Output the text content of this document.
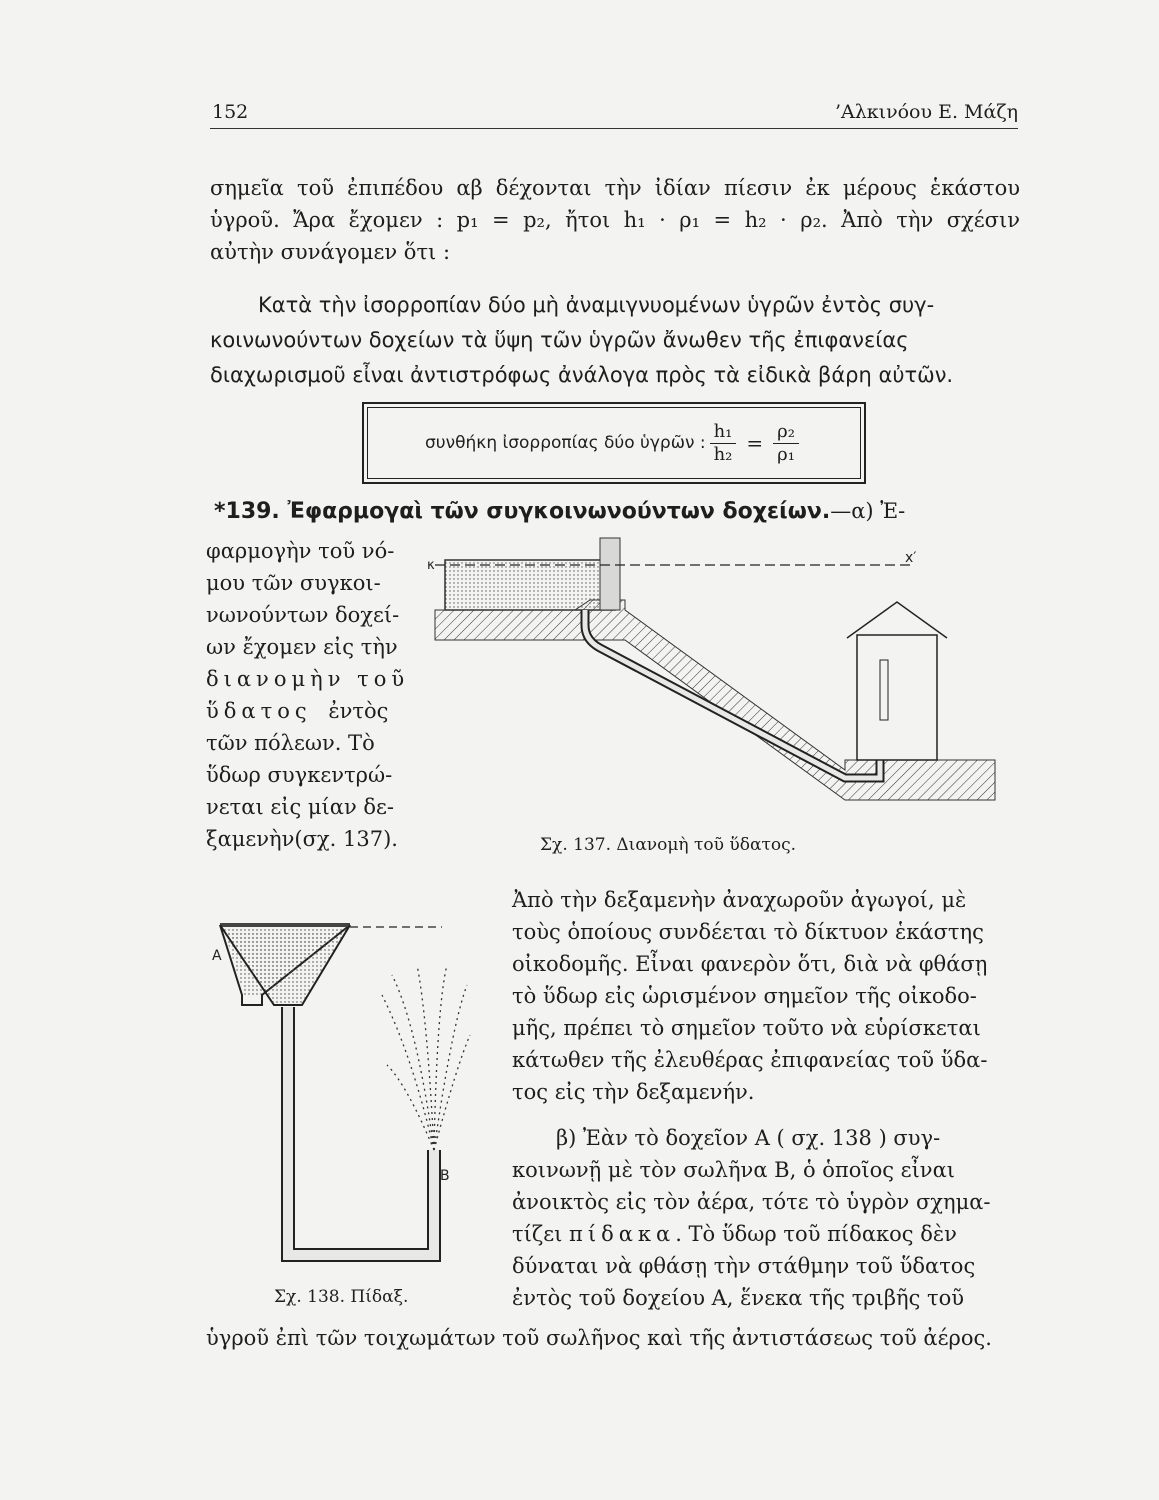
152	’Αλκινόου Ε. Μάζη
σημεῖα τοῦ ἐπιπέδου αβ δέχονται τὴν ἰδίαν πίεσιν ἐκ μέρους ἑκάστου
ὑγροῦ. Ἄρα ἔχομεν : p₁ = p₂, ἤτοι h₁ · ρ₁ = h₂ · ρ₂. Ἀπὸ τὴν σχέσιν
αὐτὴν συνάγομεν ὅτι :
Κατὰ τὴν ἰσορροπίαν δύο μὴ ἀναμιγνυομένων ὑγρῶν ἐντὸς συγ-
κοινωνούντων δοχείων τὰ ὕψη τῶν ὑγρῶν ἄνωθεν τῆς ἐπιφανείας
διαχωρισμοῦ εἶναι ἀντιστρόφως ἀνάλογα πρὸς τὰ εἰδικὰ βάρη αὐτῶν.
συνθήκη ἰσορροπίας δύο ὑγρῶν : $\frac{\text{h₁}}{\text{h₂}} = \frac{\text{ρ₂}}{\text{ρ₁}}$
*139. Ἐφαρμογαὶ τῶν συγκοινωνούντων δοχείων.—α) Ἐ-
φαρμογὴν τοῦ νό-
μου τῶν συγκοι-
νωνούντων δοχεί-
ων ἔχομεν εἰς τὴν
διανομὴν τοῦ
ὕδατος ἐντὸς
τῶν πόλεων. Τὸ
ὕδωρ συγκεντρώ-
νεται εἰς μίαν δε-
ξαμενὴν(σχ. 137).
κ	x′
Σχ. 137. Διανομὴ τοῦ ὕδατος.
A
B
Σχ. 138. Πίδαξ.
Ἀπὸ τὴν δεξαμενὴν ἀναχωροῦν ἀγωγοί, μὲ
τοὺς ὁποίους συνδέεται τὸ δίκτυον ἑκάστης
οἰκοδομῆς. Εἶναι φανερὸν ὅτι, διὰ νὰ φθάσῃ
τὸ ὕδωρ εἰς ὡρισμένον σημεῖον τῆς οἰκοδο-
μῆς, πρέπει τὸ σημεῖον τοῦτο νὰ εὑρίσκεται
κάτωθεν τῆς ἐλευθέρας ἐπιφανείας τοῦ ὕδα-
τος εἰς τὴν δεξαμενήν.
β) Ἐὰν τὸ δοχεῖον Α ( σχ. 138 ) συγ-
κοινωνῇ μὲ τὸν σωλῆνα Β, ὁ ὁποῖος εἶναι
ἀνοικτὸς εἰς τὸν ἀέρα, τότε τὸ ὑγρὸν σχημα-
τίζει πίδακα. Τὸ ὕδωρ τοῦ πίδακος δὲν
δύναται νὰ φθάσῃ τὴν στάθμην τοῦ ὕδατος
ἐντὸς τοῦ δοχείου Α, ἕνεκα τῆς τριβῆς τοῦ
ὑγροῦ ἐπὶ τῶν τοιχωμάτων τοῦ σωλῆνος καὶ τῆς ἀντιστάσεως τοῦ ἀέρος.
